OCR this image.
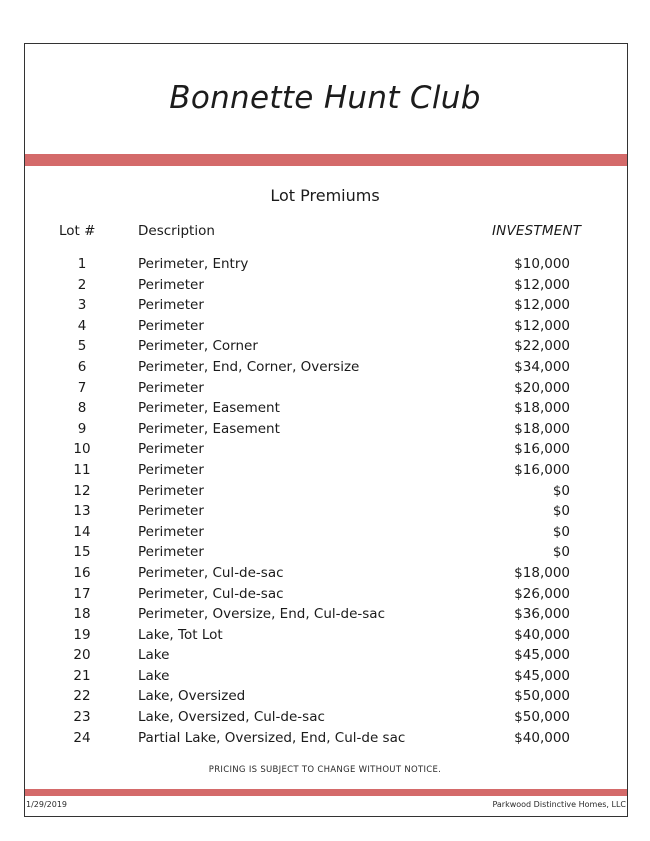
Bonnette Hunt Club
Lot Premiums
Lot #	Description	INVESTMENT
1	Perimeter, Entry	$10,000
2	Perimeter	$12,000
3	Perimeter	$12,000
4	Perimeter	$12,000
5	Perimeter, Corner	$22,000
6	Perimeter, End, Corner, Oversize	$34,000
7	Perimeter	$20,000
8	Perimeter, Easement	$18,000
9	Perimeter, Easement	$18,000
10	Perimeter	$16,000
11	Perimeter	$16,000
12	Perimeter	$0
13	Perimeter	$0
14	Perimeter	$0
15	Perimeter	$0
16	Perimeter, Cul-de-sac	$18,000
17	Perimeter, Cul-de-sac	$26,000
18	Perimeter, Oversize, End, Cul-de-sac	$36,000
19	Lake, Tot Lot	$40,000
20	Lake	$45,000
21	Lake	$45,000
22	Lake, Oversized	$50,000
23	Lake, Oversized, Cul-de-sac	$50,000
24	Partial Lake, Oversized, End, Cul-de sac	$40,000
PRICING IS SUBJECT TO CHANGE WITHOUT NOTICE.
1/29/2019	Parkwood Distinctive Homes, LLC
